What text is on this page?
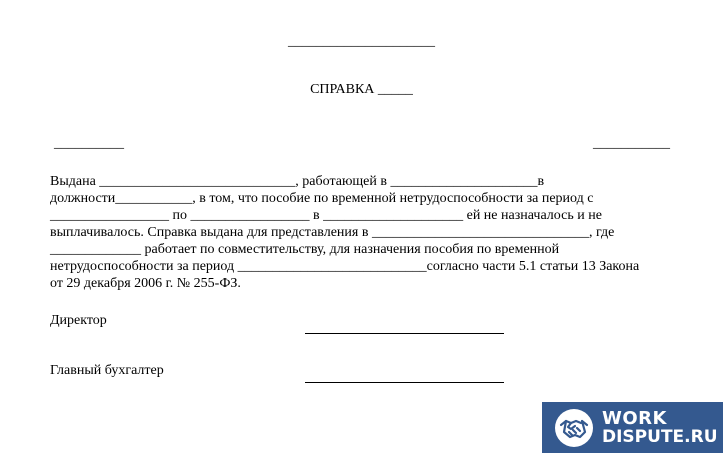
_____________________
СПРАВКА _____
__________	___________
Выдана ____________________________, работающей в _____________________в
должности___________, в том, что пособие по временной нетрудоспособности за период с
_________________ по _________________ в ____________________ ей не назначалось и не
выплачивалось. Справка выдана для представления в _______________________________, где
_____________ работает по совместительству, для назначения пособия по временной
нетрудоспособности за период ___________________________согласно части 5.1 статьи 13 Закона
от 29 декабря 2006 г. № 255-ФЗ.
Директор
Главный бухгалтер
WORK
DISPUTE.RU
